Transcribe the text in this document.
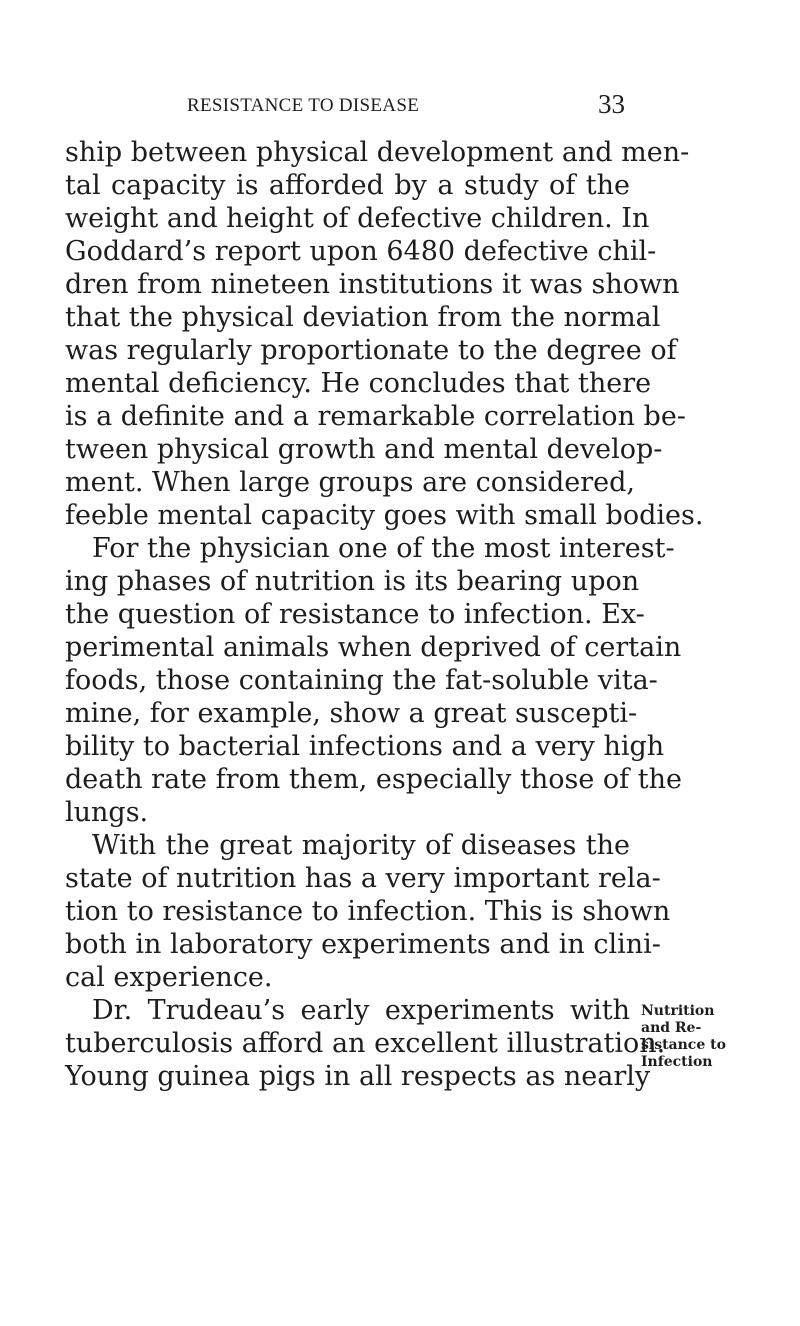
RESISTANCE TO DISEASE	33
ship between physical development and men-
tal capacity is afforded by a study of the
weight and height of defective children. In
Goddard’s report upon 6480 defective chil-
dren from nineteen institutions it was shown
that the physical deviation from the normal
was regularly proportionate to the degree of
mental deficiency. He concludes that there
is a definite and a remarkable correlation be-
tween physical growth and mental develop-
ment. When large groups are considered,
feeble mental capacity goes with small bodies.
For the physician one of the most interest-
ing phases of nutrition is its bearing upon
the question of resistance to infection. Ex-
perimental animals when deprived of certain
foods, those containing the fat-soluble vita-
mine, for example, show a great suscepti-
bility to bacterial infections and a very high
death rate from them, especially those of the
lungs.
With the great majority of diseases the
state of nutrition has a very important rela-
tion to resistance to infection. This is shown
both in laboratory experiments and in clini-
cal experience.
Dr. Trudeau’s early experiments with
tuberculosis afford an excellent illustration.
Young guinea pigs in all respects as nearly
Nutrition
and Re-
sistance to
Infection
